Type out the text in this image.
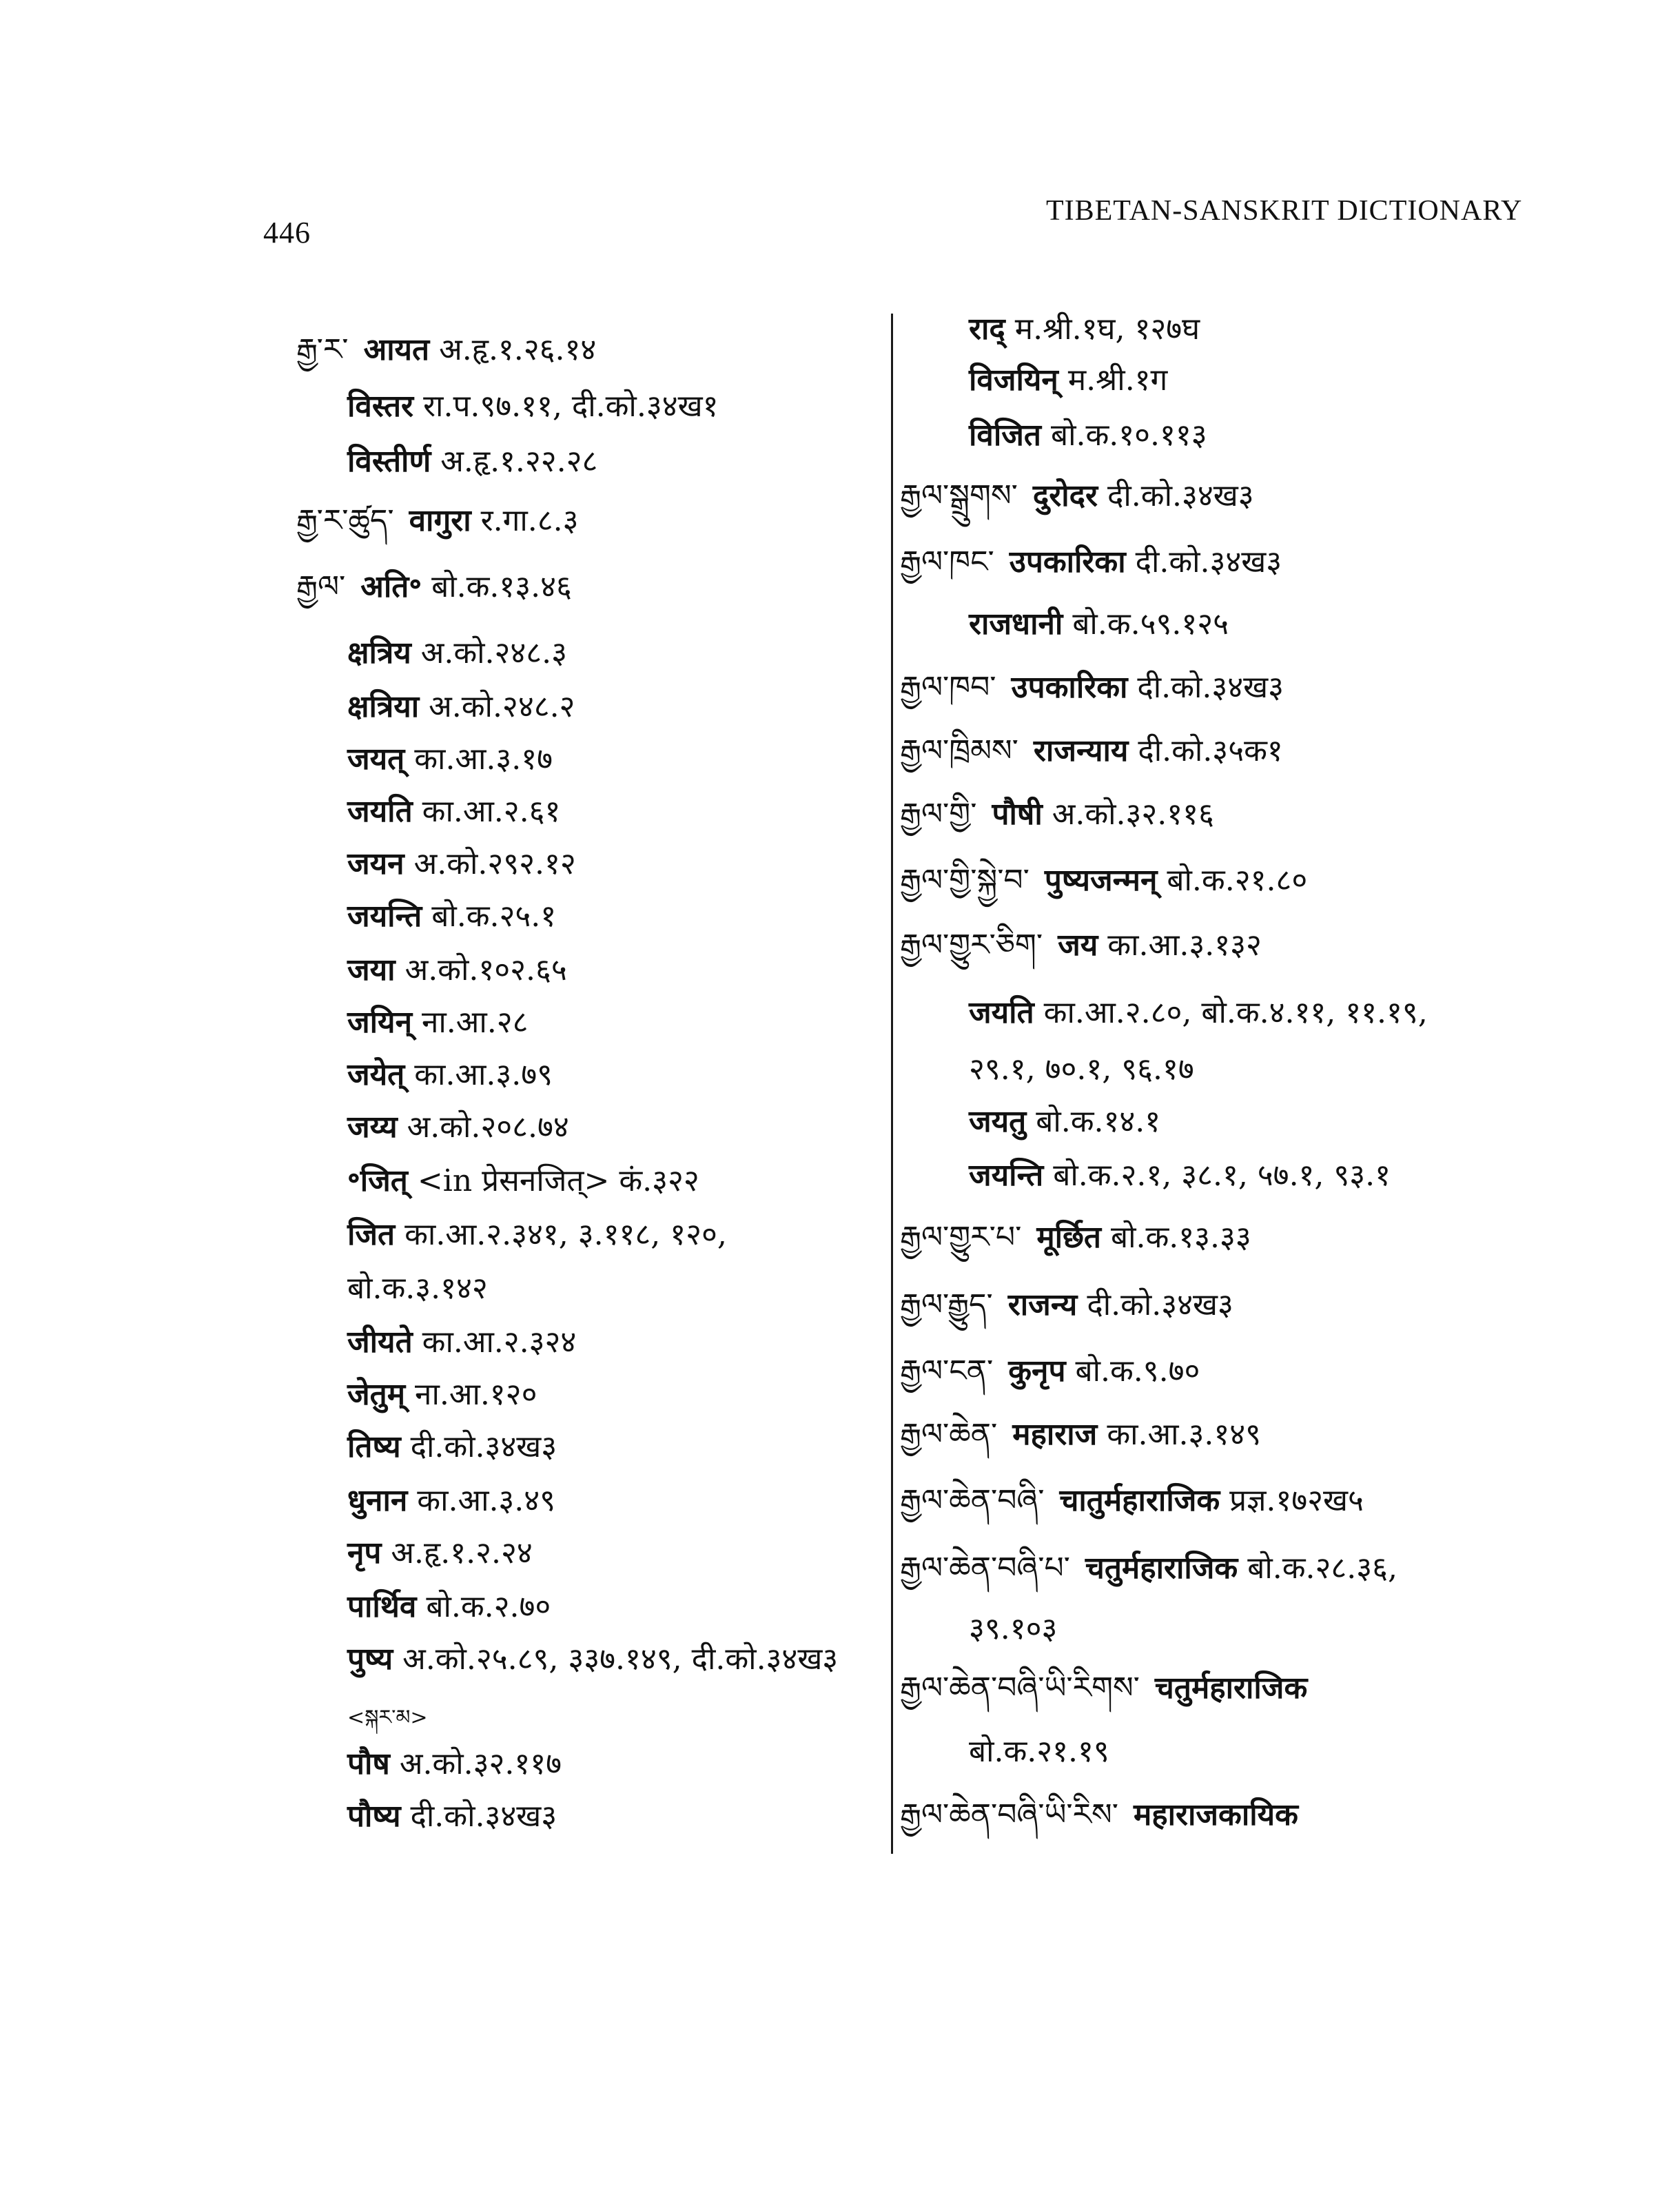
446
TIBETAN-SANSKRIT DICTIONARY
རྒྱ་ར་ आयत अ.हृ.१.२६.१४
विस्तर रा.प.९७.११, दी.को.३४ख१
विस्तीर्ण अ.हृ.१.२२.२८
རྒྱ་ར་ཚུད་ वागुरा र.गा.८.३
རྒྱལ་ अति॰ बो.क.१३.४६
क्षत्रिय अ.को.२४८.३
क्षत्रिया अ.को.२४८.२
जयत् का.आ.३.१७
जयति का.आ.२.६१
जयन अ.को.२९२.१२
जयन्ति बो.क.२५.१
जया अ.को.१०२.६५
जयिन् ना.आ.२८
जयेत् का.आ.३.७९
जय्य अ.को.२०८.७४
॰जित् <in प्रेसनजित्> कं.३२२
जित का.आ.२.३४१, ३.११८, १२०,
बो.क.३.१४२
जीयते का.आ.२.३२४
जेतुम् ना.आ.१२०
तिष्य दी.को.३४ख३
धुनान का.आ.३.४९
नृप अ.हृ.१.२.२४
पार्थिव बो.क.२.७०
पुष्य अ.को.२५.८९, ३३७.१४९, दी.को.३४ख३
<སྐར་མ>
पौष अ.को.३२.११७
पौष्य दी.को.३४ख३
राद् म.श्री.१घ, १२७घ
विजयिन् म.श्री.१ग
विजित बो.क.१०.११३
རྒྱལ་སྒྲུགས་ दुरोदर दी.को.३४ख३
རྒྱལ་ཁང་ उपकारिका दी.को.३४ख३
राजधानी बो.क.५९.१२५
རྒྱལ་ཁབ་ उपकारिका दी.को.३४ख३
རྒྱལ་ཁྲིམས་ राजन्याय दी.को.३५क१
རྒྱལ་གྱི་ पौषी अ.को.३२.११६
རྒྱལ་གྱི་སྐྱེ་བ་ पुष्यजन्मन् बो.क.२१.८०
རྒྱལ་གྱུར་ཅིག་ जय का.आ.३.१३२
जयति का.आ.२.८०, बो.क.४.११, ११.१९,
२९.१, ७०.१, ९६.१७
जयतु बो.क.१४.१
जयन्ति बो.क.२.१, ३८.१, ५७.१, ९३.१
རྒྱལ་གྱུར་པ་ मूर्छित बो.क.१३.३३
རྒྱལ་རྒྱུད་ राजन्य दी.को.३४ख३
རྒྱལ་ངན་ कुनृप बो.क.९.७०
རྒྱལ་ཆེན་ महाराज का.आ.३.१४९
རྒྱལ་ཆེན་བཞི་ चातुर्महाराजिक प्रज्ञ.१७२ख५
རྒྱལ་ཆེན་བཞི་པ་ चतुर्महाराजिक बो.क.२८.३६,
३९.१०३
རྒྱལ་ཆེན་བཞི་ཡི་རིགས་ चतुर्महाराजिक
बो.क.२१.१९
རྒྱལ་ཆེན་བཞི་ཡི་རིས་ महाराजकायिक
